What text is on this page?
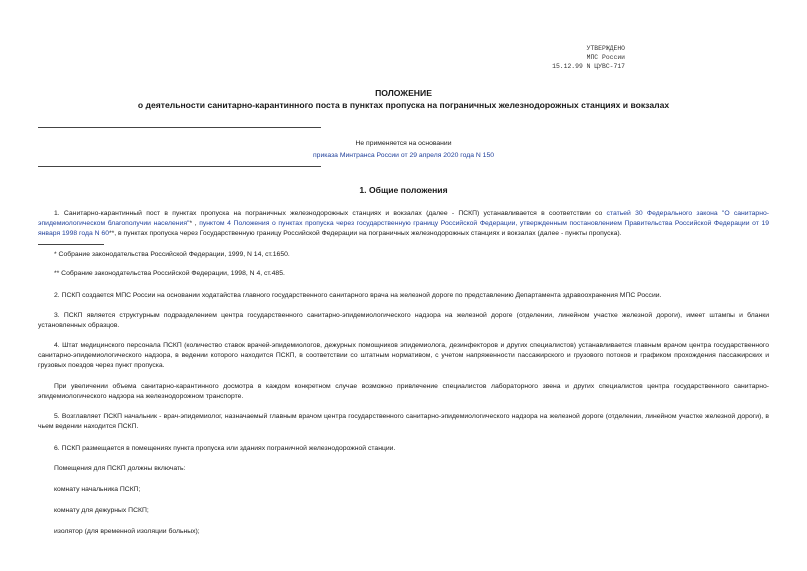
УТВЕРЖДЕНО
МПС России
15.12.99 N ЦУВС-717
ПОЛОЖЕНИЕ
о деятельности санитарно-карантинного поста в пунктах пропуска на пограничных железнодорожных станциях и вокзалах
Не применяется на основании
приказа Минтранса России от 29 апреля 2020 года N 150
1. Общие положения

1. Санитарно-карантинный пост в пунктах пропуска на пограничных железнодорожных станциях и вокзалах (далее - ПСКП) устанавливается в соответствии со статьей 30 Федерального закона "О санитарно-эпидемиологическом благополучии населения"* , пунктом 4 Положения о пунктах пропуска через государственную границу Российской Федерации, утвержденным постановлением Правительства Российской Федерации от 19 января 1998 года N 60**, в пунктах пропуска через Государственную границу Российской Федерации на пограничных железнодорожных станциях и вокзалах (далее - пункты пропуска).

* Собрание законодательства Российской Федерации, 1999, N 14, ст.1650.

** Собрание законодательства Российской Федерации, 1998, N 4, ст.485.

2. ПСКП создается МПС России на основании ходатайства главного государственного санитарного врача на железной дороге по представлению Департамента здравоохранения МПС России.

3. ПСКП является структурным подразделением центра государственного санитарно-эпидемиологического надзора на железной дороге (отделении, линейном участке железной дороги), имеет штампы и бланки установленных образцов.

4. Штат медицинского персонала ПСКП (количество ставок врачей-эпидемиологов, дежурных помощников эпидемиолога, дезинфекторов и других специалистов) устанавливается главным врачом центра государственного санитарно-эпидемиологического надзора, в ведении которого находится ПСКП, в соответствии со штатным нормативом, с учетом напряженности пассажирского и грузового потоков и графиком прохождения пассажирских и грузовых поездов через пункт пропуска.

При увеличении объема санитарно-карантинного досмотра в каждом конкретном случае возможно привлечение специалистов лабораторного звена и других специалистов центра государственного санитарно-эпидемиологического надзора на железнодорожном транспорте.

5. Возглавляет ПСКП начальник - врач-эпидемиолог, назначаемый главным врачом центра государственного санитарно-эпидемиологического надзора на железной дороге (отделении, линейном участке железной дороги), в чьем ведении находится ПСКП.

6. ПСКП размещается в помещениях пункта пропуска или зданиях пограничной железнодорожной станции.

Помещения для ПСКП должны включать:

комнату начальника ПСКП;

комнату для дежурных ПСКП;

изолятор (для временной изоляции больных);
